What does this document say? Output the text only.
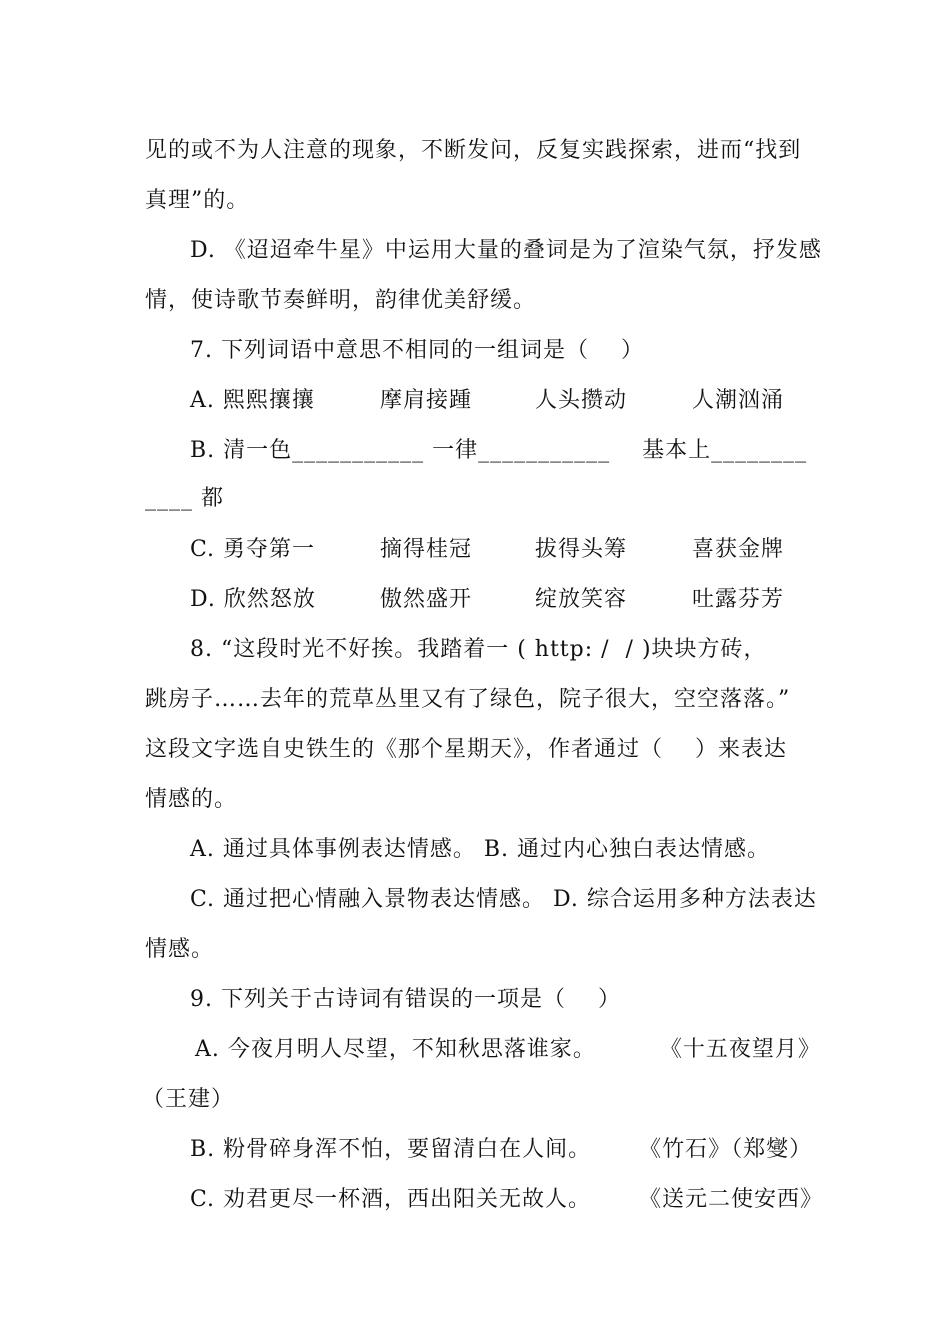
见的或不为人注意的现象，不断发问，反复实践探索，进而“找到
真理”的。
D. 《迢迢牵牛星》中运用大量的叠词是为了渲染气氛，抒发感
情，使诗歌节奏鲜明，韵律优美舒缓。
7. 下列词语中意思不相同的一组词是（    ）
A. 熙熙攘攘	摩肩接踵	人头攒动	人潮汹涌
B. 清一色___________ 一律___________    基本上________
____ 都
C. 勇夺第一	摘得桂冠	拔得头筹	喜获金牌
D. 欣然怒放	傲然盛开	绽放笑容	吐露芬芳
8. “这段时光不好挨。我踏着一 ( http: /  / )块块方砖，
跳房子……去年的荒草丛里又有了绿色，院子很大，空空落落。”
这段文字选自史铁生的《那个星期天》，作者通过（    ）来表达
情感的。
A. 通过具体事例表达情感。 B. 通过内心独白表达情感。
C. 通过把心情融入景物表达情感。 D. 综合运用多种方法表达
情感。
9. 下列关于古诗词有错误的一项是（    ）
A. 今夜月明人尽望，不知秋思落谁家。        《十五夜望月》
（王建）
B. 粉骨碎身浑不怕，要留清白在人间。      《竹石》（郑燮）
C. 劝君更尽一杯酒，西出阳关无故人。      《送元二使安西》
